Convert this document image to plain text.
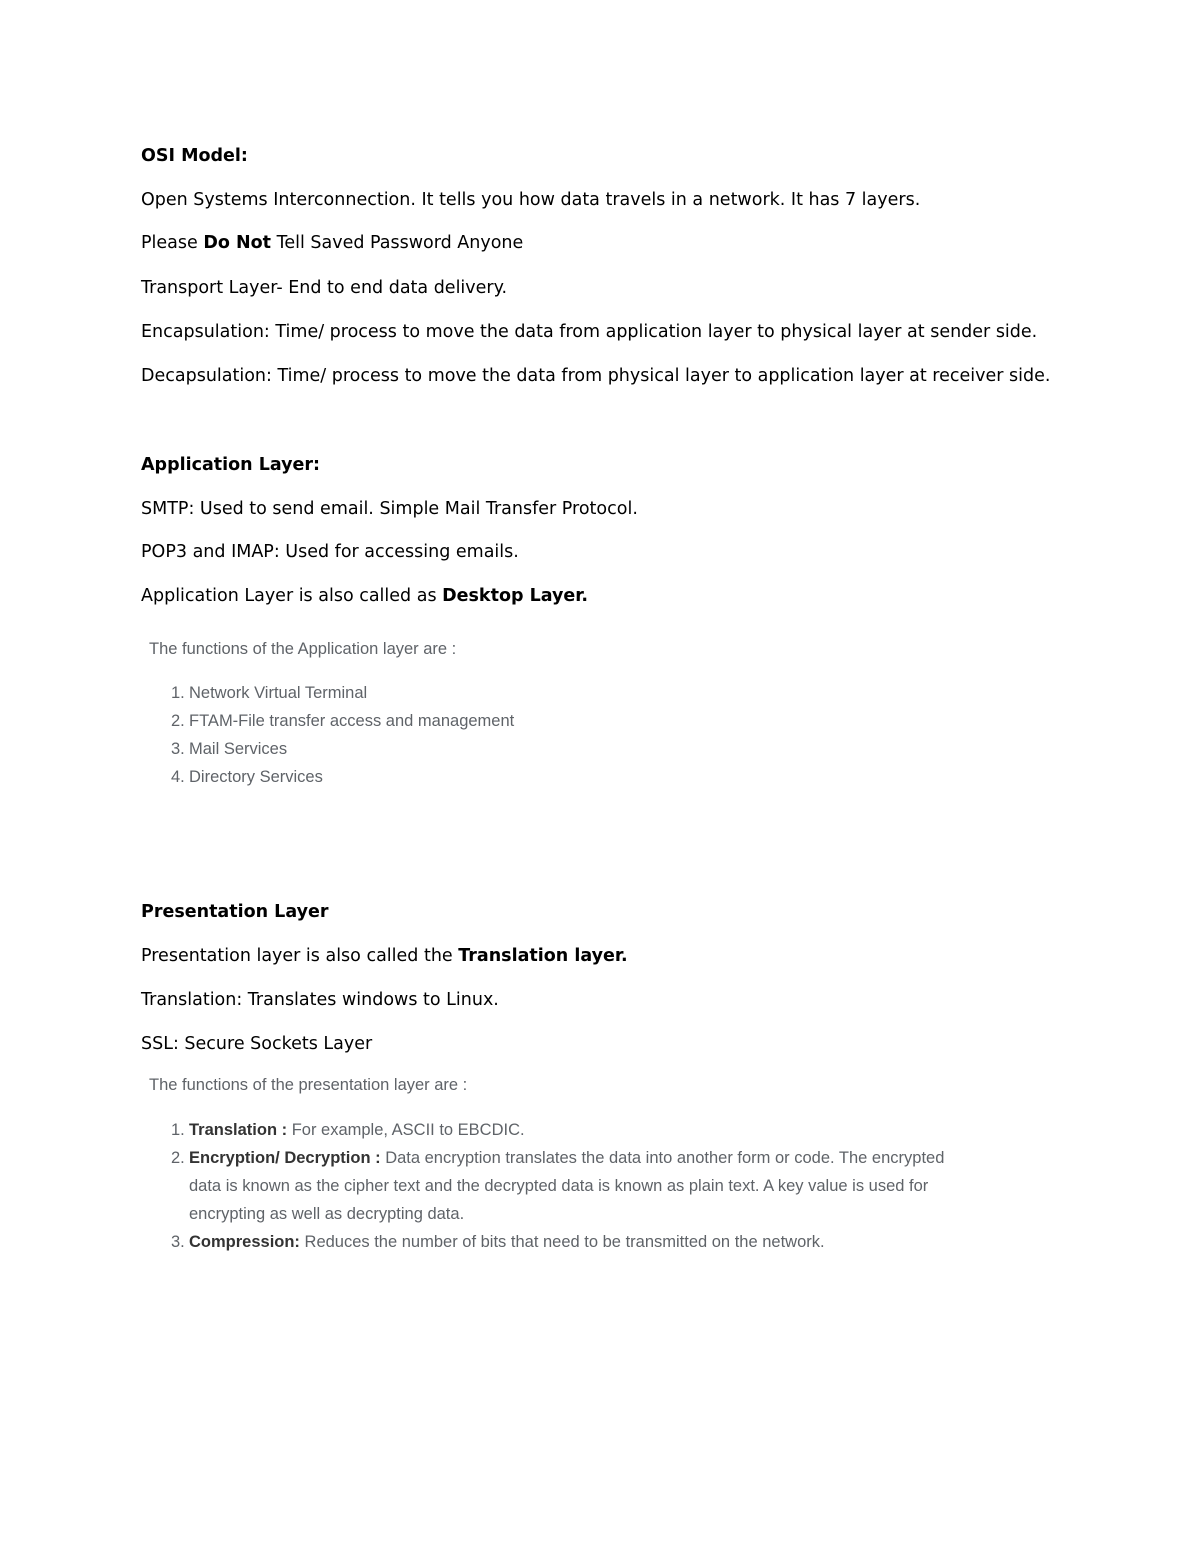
OSI Model:

Open Systems Interconnection. It tells you how data travels in a network. It has 7 layers.

Please Do Not Tell Saved Password Anyone

Transport Layer- End to end data delivery.

Encapsulation: Time/ process to move the data from application layer to physical layer at sender side.

Decapsulation: Time/ process to move the data from physical layer to application layer at receiver side.

Application Layer:

SMTP: Used to send email. Simple Mail Transfer Protocol.

POP3 and IMAP: Used for accessing emails.

Application Layer is also called as Desktop Layer.

The functions of the Application layer are :

1. Network Virtual Terminal
2. FTAM-File transfer access and management
3. Mail Services
4. Directory Services

Presentation Layer

Presentation layer is also called the Translation layer.

Translation: Translates windows to Linux.

SSL: Secure Sockets Layer

The functions of the presentation layer are :

1. Translation : For example, ASCII to EBCDIC.
2. Encryption/ Decryption : Data encryption translates the data into another form or code. The encrypted data is known as the cipher text and the decrypted data is known as plain text. A key value is used for encrypting as well as decrypting data.
3. Compression: Reduces the number of bits that need to be transmitted on the network.
